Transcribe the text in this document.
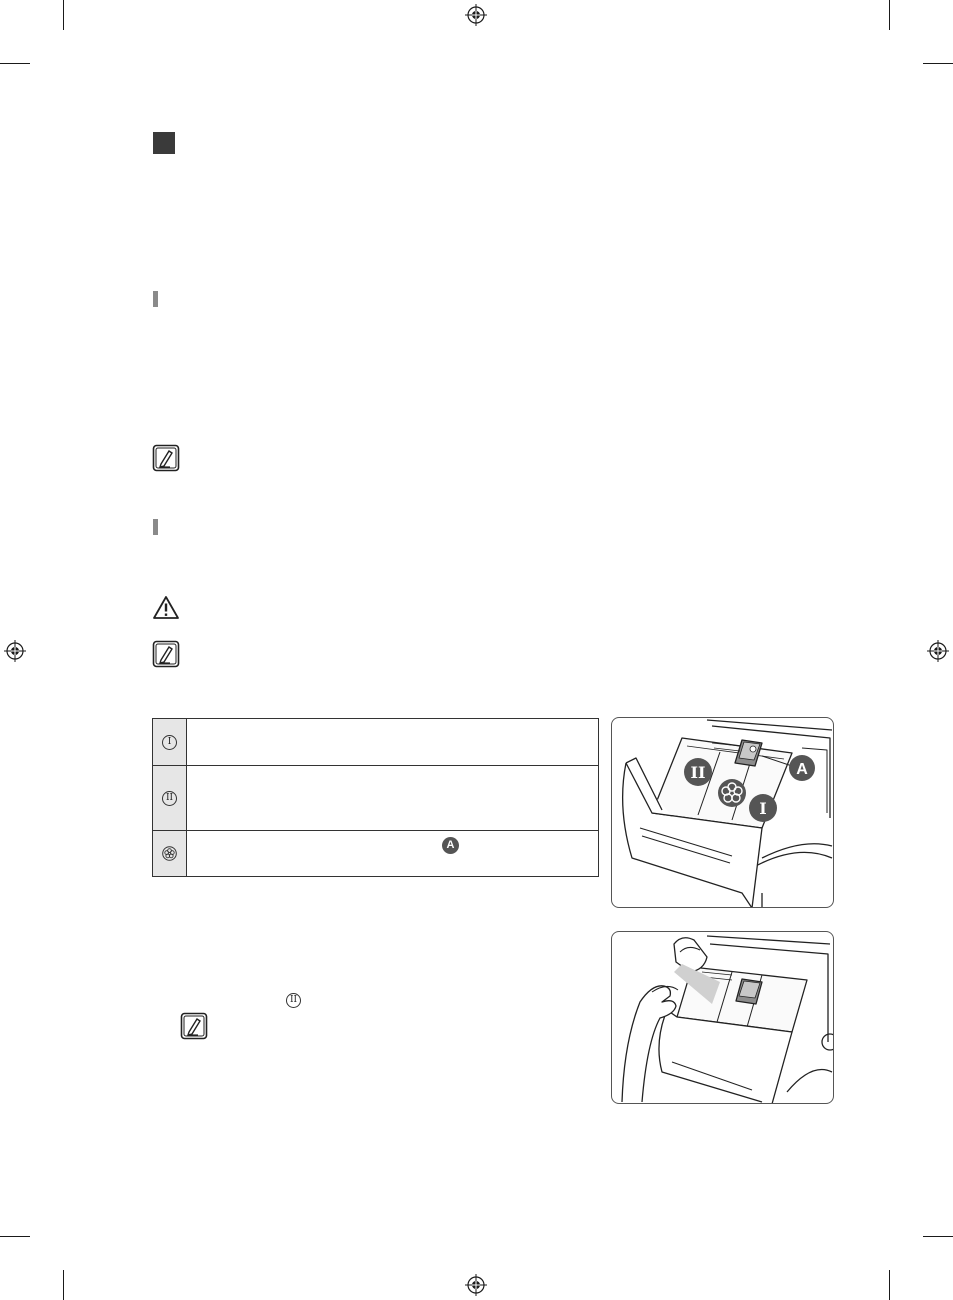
I
II
A
II
II
I
A
